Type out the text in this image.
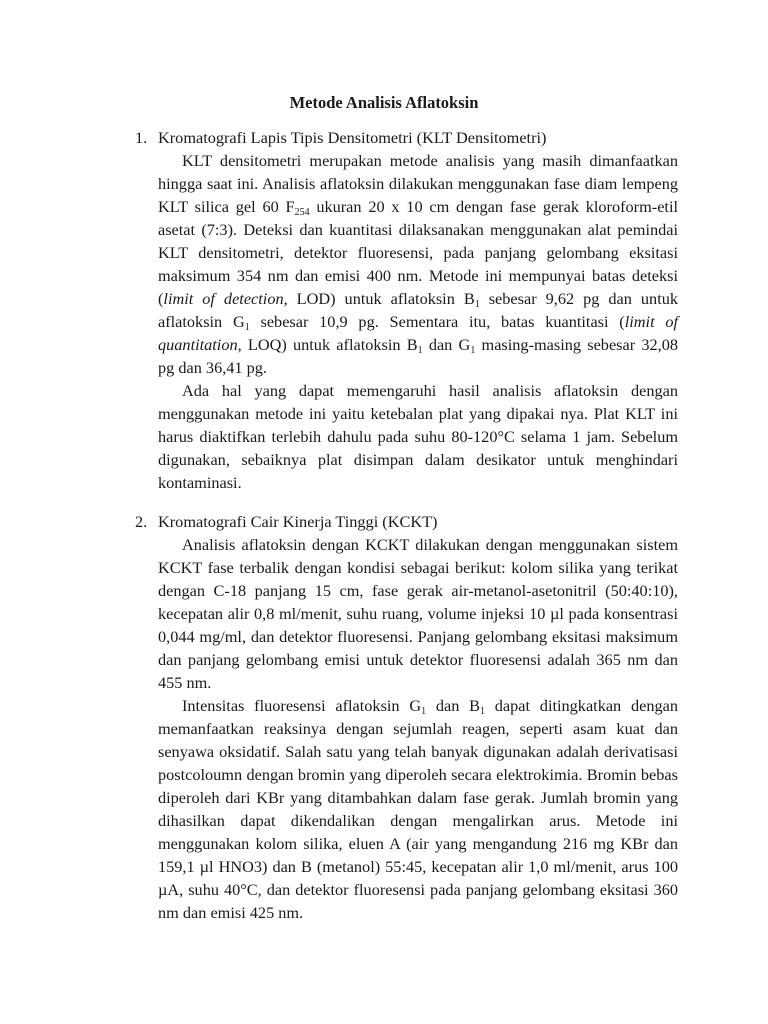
Metode Analisis Aflatoksin
1. Kromatografi Lapis Tipis Densitometri (KLT Densitometri)

KLT densitometri merupakan metode analisis yang masih dimanfaatkan hingga saat ini. Analisis aflatoksin dilakukan menggunakan fase diam lempeng KLT silica gel 60 $F_{254}$ ukuran 20 x 10 cm dengan fase gerak kloroform-etil asetat (7:3). Deteksi dan kuantitasi dilaksanakan menggunakan alat pemindai KLT densitometri, detektor fluoresensi, pada panjang gelombang eksitasi maksimum 354 nm dan emisi 400 nm. Metode ini mempunyai batas deteksi (limit of detection, LOD) untuk aflatoksin $B_1$ sebesar 9,62 pg dan untuk aflatoksin $G_1$ sebesar 10,9 pg. Sementara itu, batas kuantitasi (limit of quantitation, LOQ) untuk aflatoksin $B_1$ dan $G_1$ masing-masing sebesar 32,08 pg dan 36,41 pg.

Ada hal yang dapat memengaruhi hasil analisis aflatoksin dengan menggunakan metode ini yaitu ketebalan plat yang dipakai nya. Plat KLT ini harus diaktifkan terlebih dahulu pada suhu 80-120°C selama 1 jam. Sebelum digunakan, sebaiknya plat disimpan dalam desikator untuk menghindari kontaminasi.

2. Kromatografi Cair Kinerja Tinggi (KCKT)

Analisis aflatoksin dengan KCKT dilakukan dengan menggunakan sistem KCKT fase terbalik dengan kondisi sebagai berikut: kolom silika yang terikat dengan C-18 panjang 15 cm, fase gerak air-metanol-asetonitril (50:40:10), kecepatan alir 0,8 ml/menit, suhu ruang, volume injeksi 10 µl pada konsentrasi 0,044 mg/ml, dan detektor fluoresensi. Panjang gelombang eksitasi maksimum dan panjang gelombang emisi untuk detektor fluoresensi adalah 365 nm dan 455 nm.

Intensitas fluoresensi aflatoksin $G_1$ dan $B_1$ dapat ditingkatkan dengan memanfaatkan reaksinya dengan sejumlah reagen, seperti asam kuat dan senyawa oksidatif. Salah satu yang telah banyak digunakan adalah derivatisasi postcoloumn dengan bromin yang diperoleh secara elektrokimia. Bromin bebas diperoleh dari KBr yang ditambahkan dalam fase gerak. Jumlah bromin yang dihasilkan dapat dikendalikan dengan mengalirkan arus. Metode ini menggunakan kolom silika, eluen A (air yang mengandung 216 mg KBr dan 159,1 µl HNO3) dan B (metanol) 55:45, kecepatan alir 1,0 ml/menit, arus 100 µA, suhu 40°C, dan detektor fluoresensi pada panjang gelombang eksitasi 360 nm dan emisi 425 nm.
